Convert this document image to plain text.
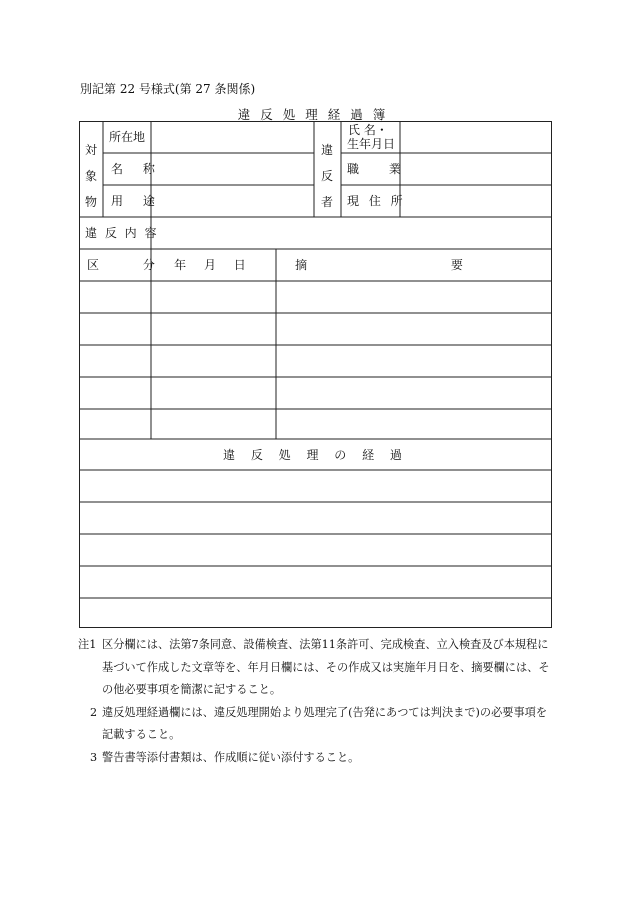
別記第 22 号様式(第 27 条関係)
違反処理経過簿
対
象
物
所在地
名 称
用 途
違
反
者
氏 名・
生年月日
職 業
現 住 所
違 反 内 容
区 分 年 月 日	摘 要
違 反 処 理 の 経 過
注1 区分欄には、法第7条同意、設備検査、法第11条許可、完成検査、立入検査及び本規程に基づいて作成した文章等を、年月日欄には、その作成又は実施年月日を、摘要欄には、その他必要事項を簡潔に記すること。
2 違反処理経過欄には、違反処理開始より処理完了(告発にあつては判決まで)の必要事項を記載すること。
3 警告書等添付書類は、作成順に従い添付すること。
